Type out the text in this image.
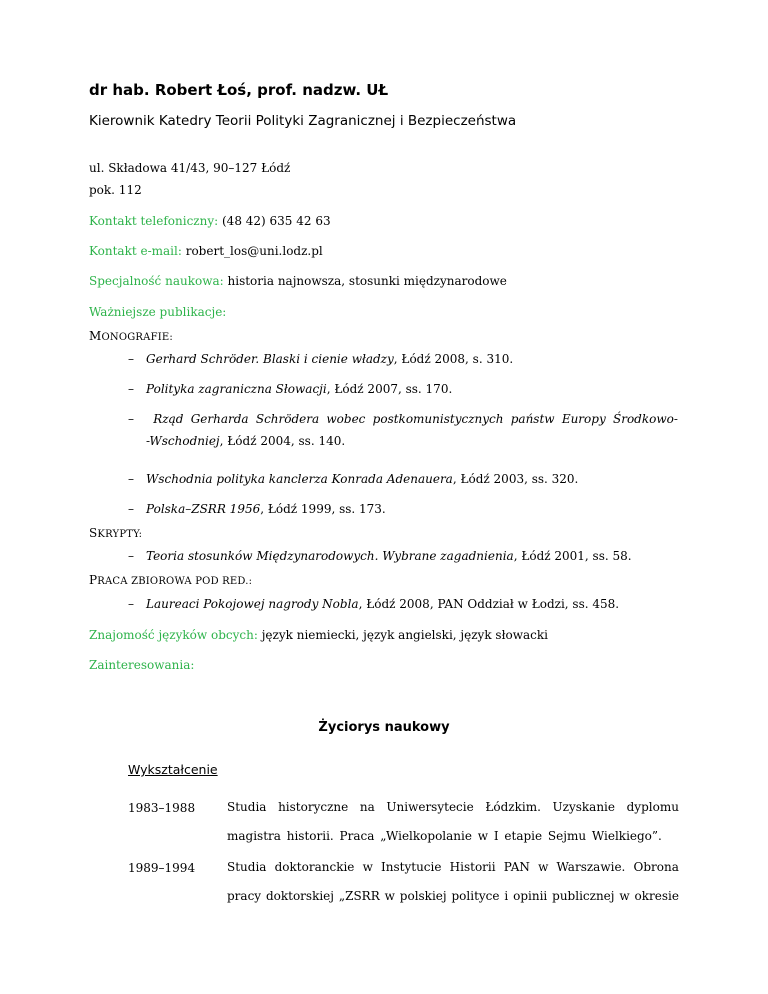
dr hab. Robert Łoś, prof. nadzw. UŁ
Kierownik Katedry Teorii Polityki Zagranicznej i Bezpieczeństwa
ul. Składowa 41/43, 90–127 Łódź
pok. 112
Kontakt telefoniczny: (48 42) 635 42 63
Kontakt e-mail: robert_los@uni.lodz.pl
Specjalność naukowa: historia najnowsza, stosunki międzynarodowe
Ważniejsze publikacje:
MONOGRAFIE:
– Gerhard Schröder. Blaski i cienie władzy, Łódź 2008, s. 310.
– Polityka zagraniczna Słowacji, Łódź 2007, ss. 170.
–	Rząd Gerharda Schrödera wobec postkomunistycznych państw Europy Środkowo-
-Wschodniej, Łódź 2004, ss. 140.
– Wschodnia polityka kanclerza Konrada Adenauera, Łódź 2003, ss. 320.
– Polska–ZSRR 1956, Łódź 1999, ss. 173.
SKRYPTY:
– Teoria stosunków Międzynarodowych. Wybrane zagadnienia, Łódź 2001, ss. 58.
PRACA ZBIOROWA POD RED.:
– Laureaci Pokojowej nagrody Nobla, Łódź 2008, PAN Oddział w Łodzi, ss. 458.
Znajomość języków obcych: język niemiecki, język angielski, język słowacki
Zainteresowania:
Życiorys naukowy
Wykształcenie
1983–1988	Studia historyczne na Uniwersytecie Łódzkim. Uzyskanie dyplomu
magistra historii. Praca „Wielkopolanie w I etapie Sejmu Wielkiego”.
1989–1994	Studia doktoranckie w Instytucie Historii PAN w Warszawie. Obrona
pracy doktorskiej „ZSRR w polskiej polityce i opinii publicznej w okresie
